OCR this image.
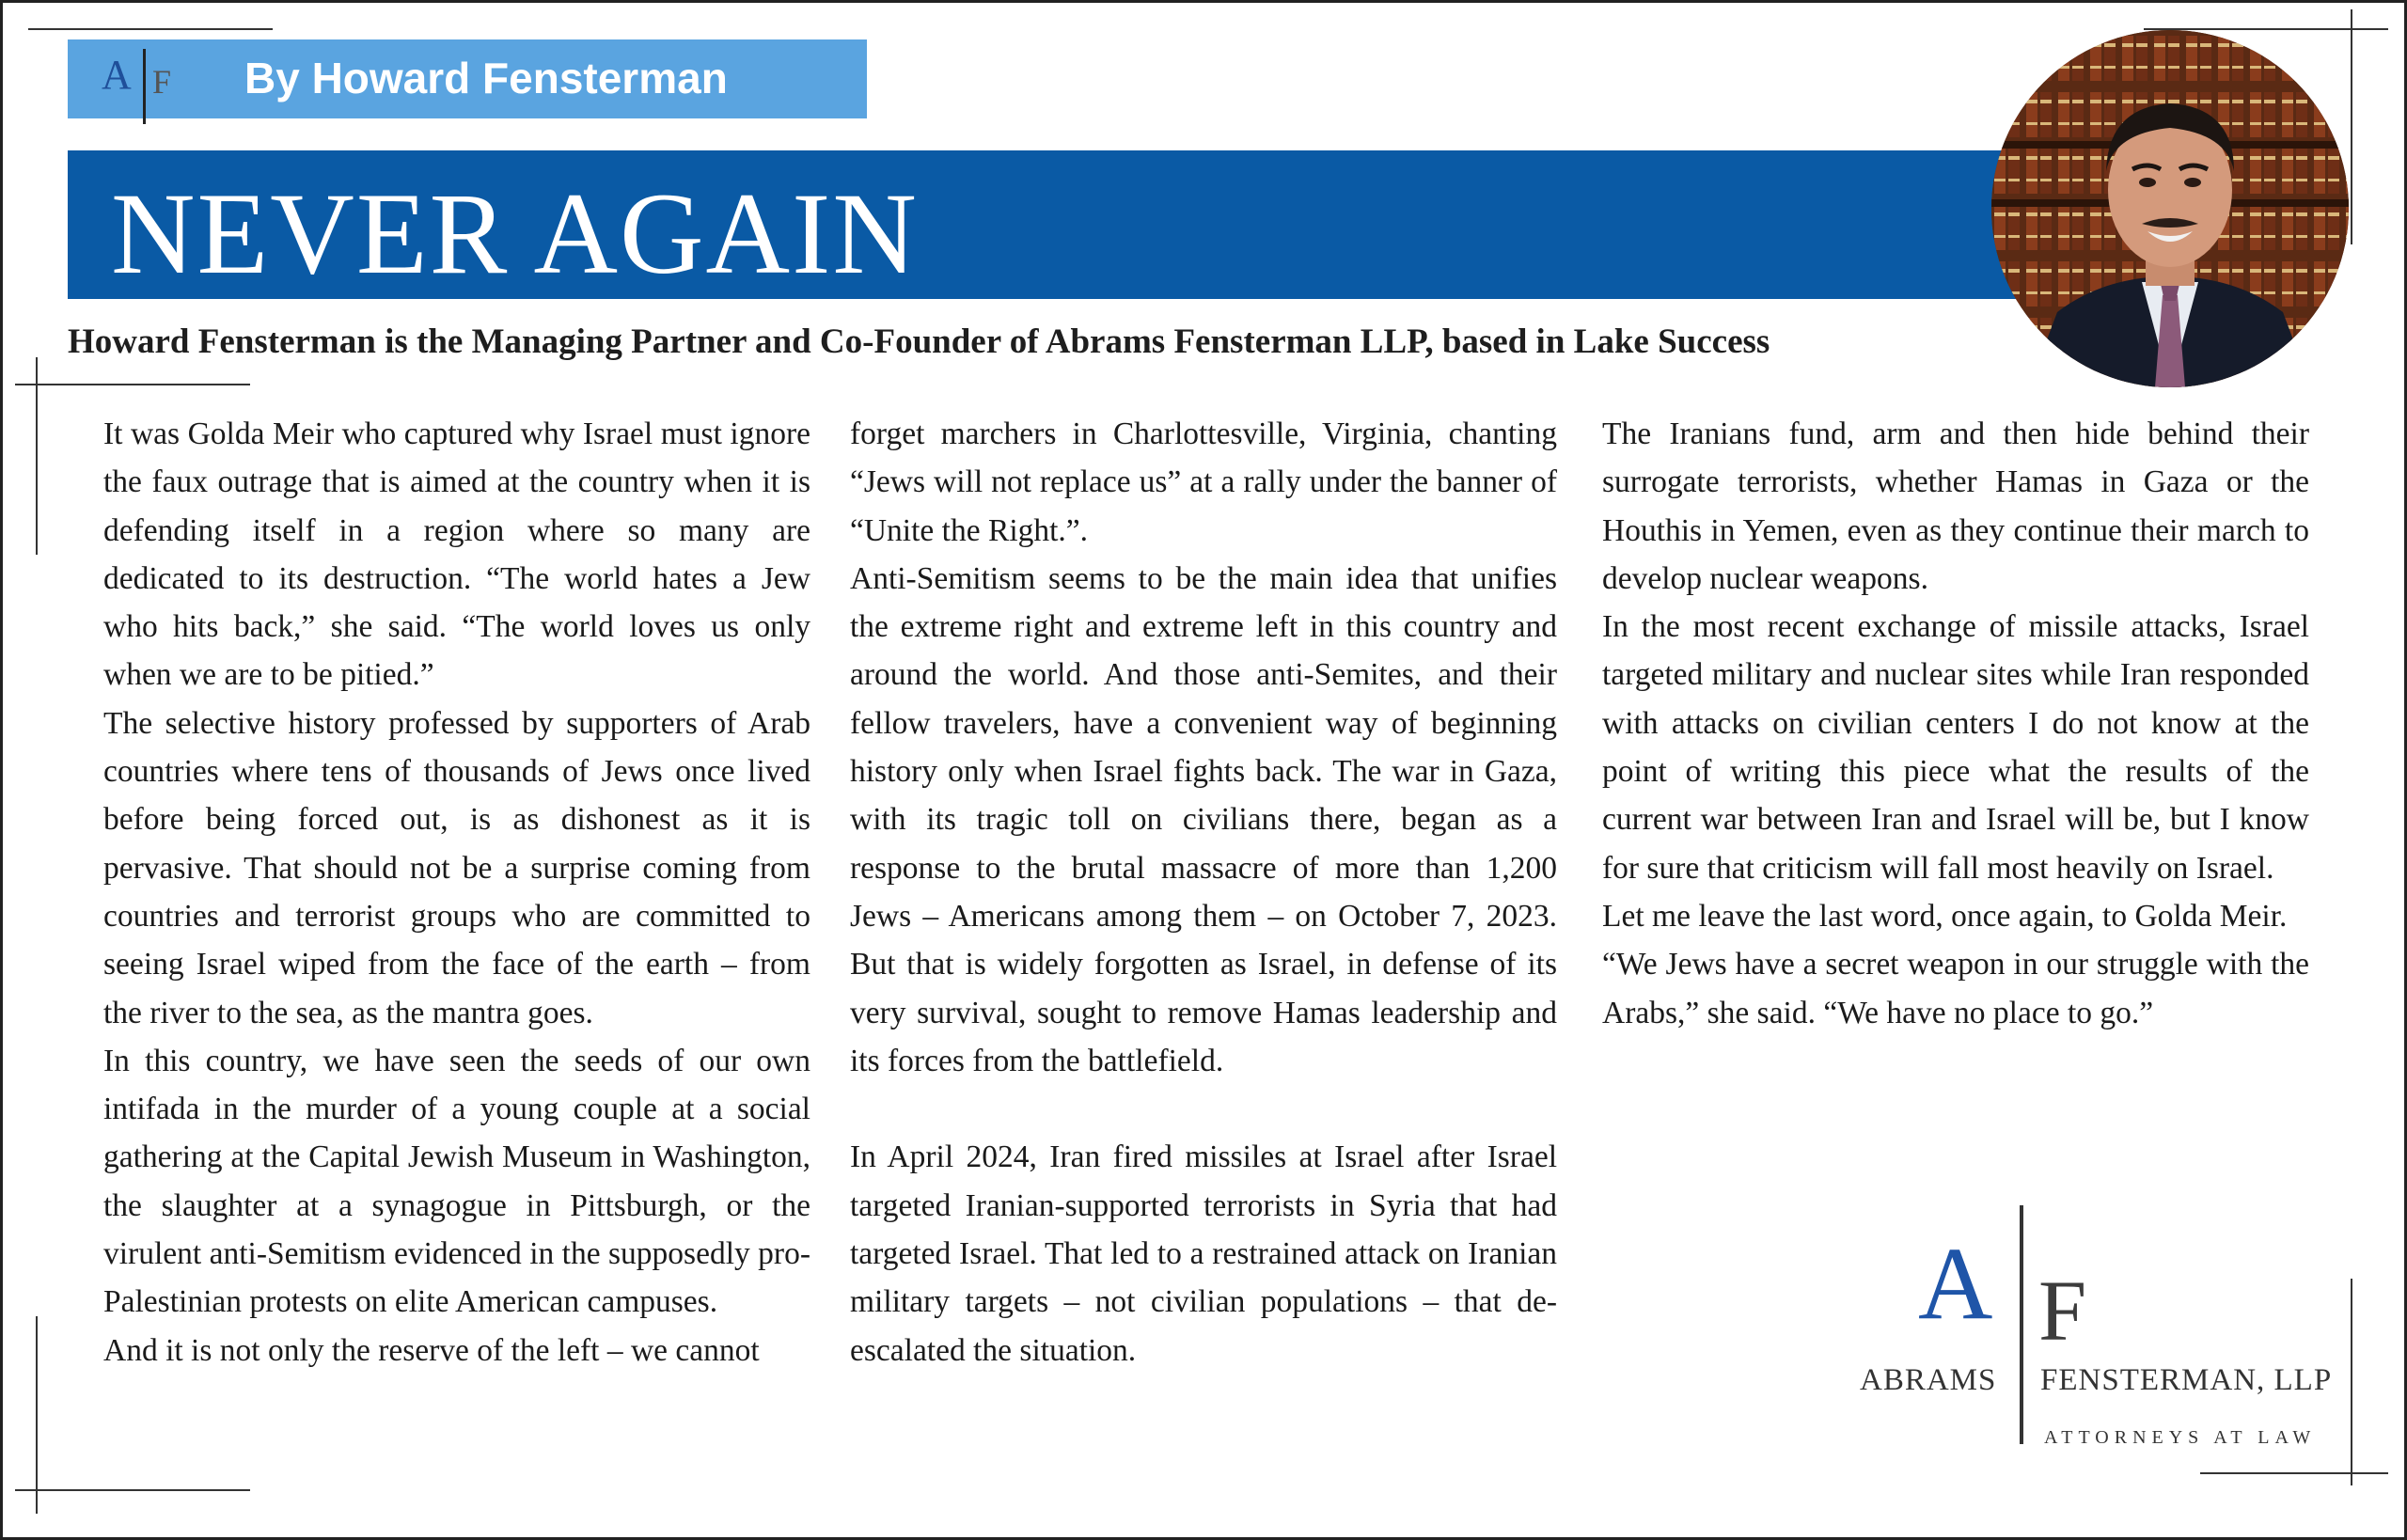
A F By Howard Fensterman
NEVER AGAIN
Howard Fensterman is the Managing Partner and Co-Founder of Abrams Fensterman LLP, based in Lake Success

It was Golda Meir who captured why Israel must ignore the faux outrage that is aimed at the country when it is defending itself in a region where so many are dedicated to its destruction. “The world hates a Jew who hits back,” she said. “The world loves us only when we are to be pitied.”

The selective history professed by supporters of Arab countries where tens of thousands of Jews once lived before being forced out, is as dishonest as it is pervasive. That should not be a surprise coming from countries and terrorist groups who are committed to seeing Israel wiped from the face of the earth – from the river to the sea, as the mantra goes.

In this country, we have seen the seeds of our own intifada in the murder of a young couple at a social gathering at the Capital Jewish Museum in Washington, the slaughter at a synagogue in Pittsburgh, or the virulent anti-Semitism evidenced in the supposedly pro-Palestinian protests on elite American campuses.

And it is not only the reserve of the left – we cannot

forget marchers in Charlottesville, Virginia, chanting “Jews will not replace us” at a rally under the banner of “Unite the Right.”.

Anti-Semitism seems to be the main idea that unifies the extreme right and extreme left in this country and around the world. And those anti-Semites, and their fellow travelers, have a convenient way of beginning history only when Israel fights back. The war in Gaza, with its tragic toll on civilians there, began as a response to the brutal massacre of more than 1,200 Jews – Americans among them – on October 7, 2023. But that is widely forgotten as Israel, in defense of its very survival, sought to remove Hamas leadership and its forces from the battlefield.

In April 2024, Iran fired missiles at Israel after Israel targeted Iranian-supported terrorists in Syria that had targeted Israel. That led to a restrained attack on Iranian military targets – not civilian populations – that de-escalated the situation.

The Iranians fund, arm and then hide behind their surrogate terrorists, whether Hamas in Gaza or the Houthis in Yemen, even as they continue their march to develop nuclear weapons.

In the most recent exchange of missile attacks, Israel targeted military and nuclear sites while Iran responded with attacks on civilian centers I do not know at the point of writing this piece what the results of the current war between Iran and Israel will be, but I know for sure that criticism will fall most heavily on Israel.

Let me leave the last word, once again, to Golda Meir.

“We Jews have a secret weapon in our struggle with the Arabs,” she said. “We have no place to go.”

A F
ABRAMS FENSTERMAN, LLP
ATTORNEYS AT LAW
